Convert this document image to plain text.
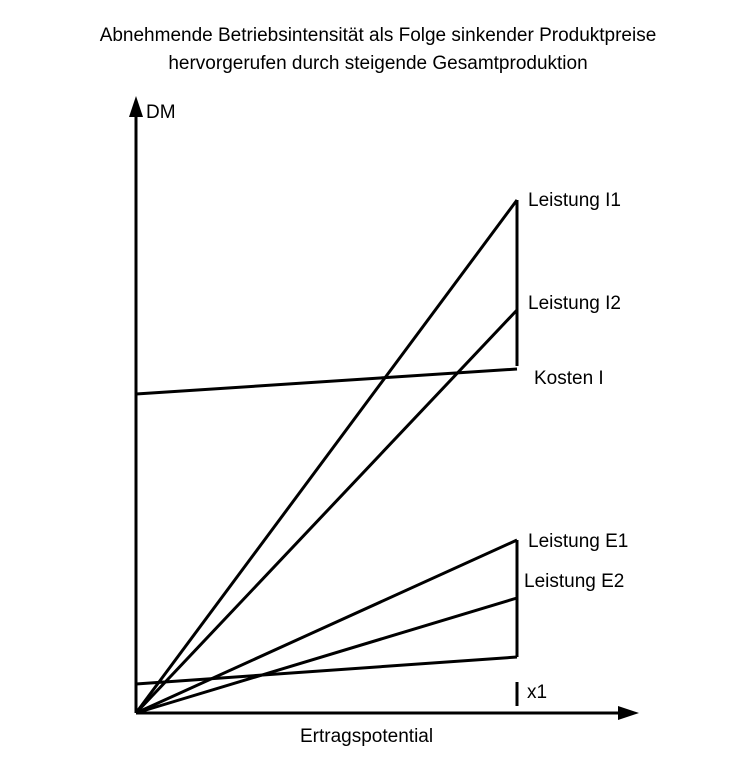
Abnehmende Betriebsintensität als Folge sinkender Produktpreise
hervorgerufen durch steigende Gesamtproduktion
DM
Ertragspotential
x1
Leistung I1
Leistung I2
Kosten I
Leistung E1
Leistung E2
